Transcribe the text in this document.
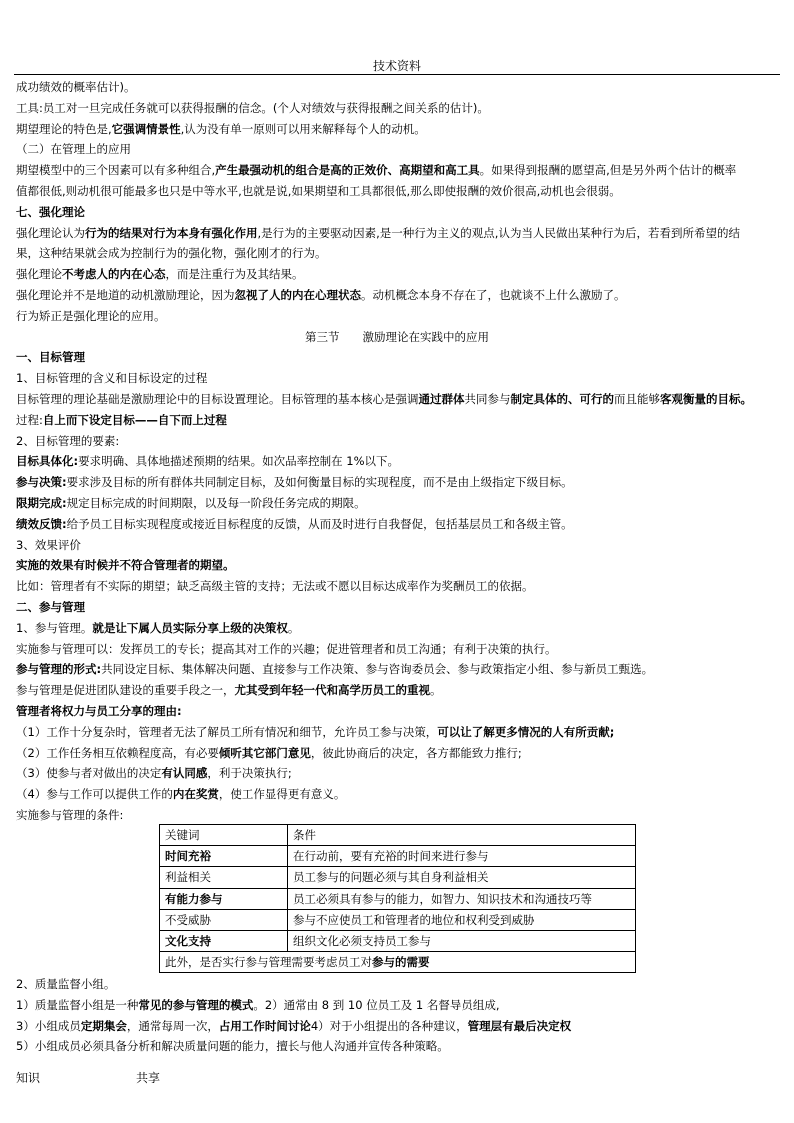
技术资料
成功绩效的概率估计)。
工具:员工对一旦完成任务就可以获得报酬的信念。(个人对绩效与获得报酬之间关系的估计)。
期望理论的特色是,它强调情景性,认为没有单一原则可以用来解释每个人的动机。
（二）在管理上的应用
期望模型中的三个因素可以有多种组合,产生最强动机的组合是高的正效价、高期望和高工具。如果得到报酬的愿望高,但是另外两个估计的概率
值都很低,则动机很可能最多也只是中等水平,也就是说,如果期望和工具都很低,那么即使报酬的效价很高,动机也会很弱。
七、强化理论
强化理论认为行为的结果对行为本身有强化作用,是行为的主要驱动因素,是一种行为主义的观点,认为当人民做出某种行为后，若看到所希望的结
果，这种结果就会成为控制行为的强化物，强化刚才的行为。
强化理论不考虑人的内在心态，而是注重行为及其结果。
强化理论并不是地道的动机激励理论，因为忽视了人的内在心理状态。动机概念本身不存在了，也就谈不上什么激励了。
行为矫正是强化理论的应用。
第三节　　激励理论在实践中的应用
一、目标管理
1、目标管理的含义和目标设定的过程
目标管理的理论基础是激励理论中的目标设置理论。目标管理的基本核心是强调通过群体共同参与制定具体的、可行的而且能够客观衡量的目标。
过程:自上而下设定目标——自下而上过程
2、目标管理的要素:
目标具体化:要求明确、具体地描述预期的结果。如次品率控制在 1%以下。
参与决策:要求涉及目标的所有群体共同制定目标，及如何衡量目标的实现程度，而不是由上级指定下级目标。
限期完成:规定目标完成的时间期限，以及每一阶段任务完成的期限。
绩效反馈:给予员工目标实现程度或接近目标程度的反馈，从而及时进行自我督促，包括基层员工和各级主管。
3、效果评价
实施的效果有时候并不符合管理者的期望。
比如：管理者有不实际的期望；缺乏高级主管的支持；无法或不愿以目标达成率作为奖酬员工的依据。
二、参与管理
1、参与管理。就是让下属人员实际分享上级的决策权。
实施参与管理可以：发挥员工的专长；提高其对工作的兴趣；促进管理者和员工沟通；有利于决策的执行。
参与管理的形式:共同设定目标、集体解决问题、直接参与工作决策、参与咨询委员会、参与政策指定小组、参与新员工甄选。
参与管理是促进团队建设的重要手段之一，尤其受到年轻一代和高学历员工的重视。
管理者将权力与员工分享的理由:
（1）工作十分复杂时，管理者无法了解员工所有情况和细节，允许员工参与决策，可以让了解更多情况的人有所贡献;
（2）工作任务相互依赖程度高，有必要倾听其它部门意见，彼此协商后的决定，各方都能致力推行;
（3）使参与者对做出的决定有认同感，利于决策执行;
（4）参与工作可以提供工作的内在奖赏，使工作显得更有意义。
实施参与管理的条件:
关键词	条件
时间充裕	在行动前，要有充裕的时间来进行参与
利益相关	员工参与的问题必须与其自身利益相关
有能力参与	员工必须具有参与的能力，如智力、知识技术和沟通技巧等
不受威胁	参与不应使员工和管理者的地位和权利受到威胁
文化支持	组织文化必须支持员工参与
此外，是否实行参与管理需要考虑员工对参与的需要	
2、质量监督小组。
1）质量监督小组是一种常见的参与管理的模式。2）通常由 8 到 10 位员工及 1 名督导员组成,
3）小组成员定期集会，通常每周一次，占用工作时间讨论4）对于小组提出的各种建议，管理层有最后决定权
5）小组成员必须具备分析和解决质量问题的能力，擅长与他人沟通并宣传各种策略。
知识	共享
